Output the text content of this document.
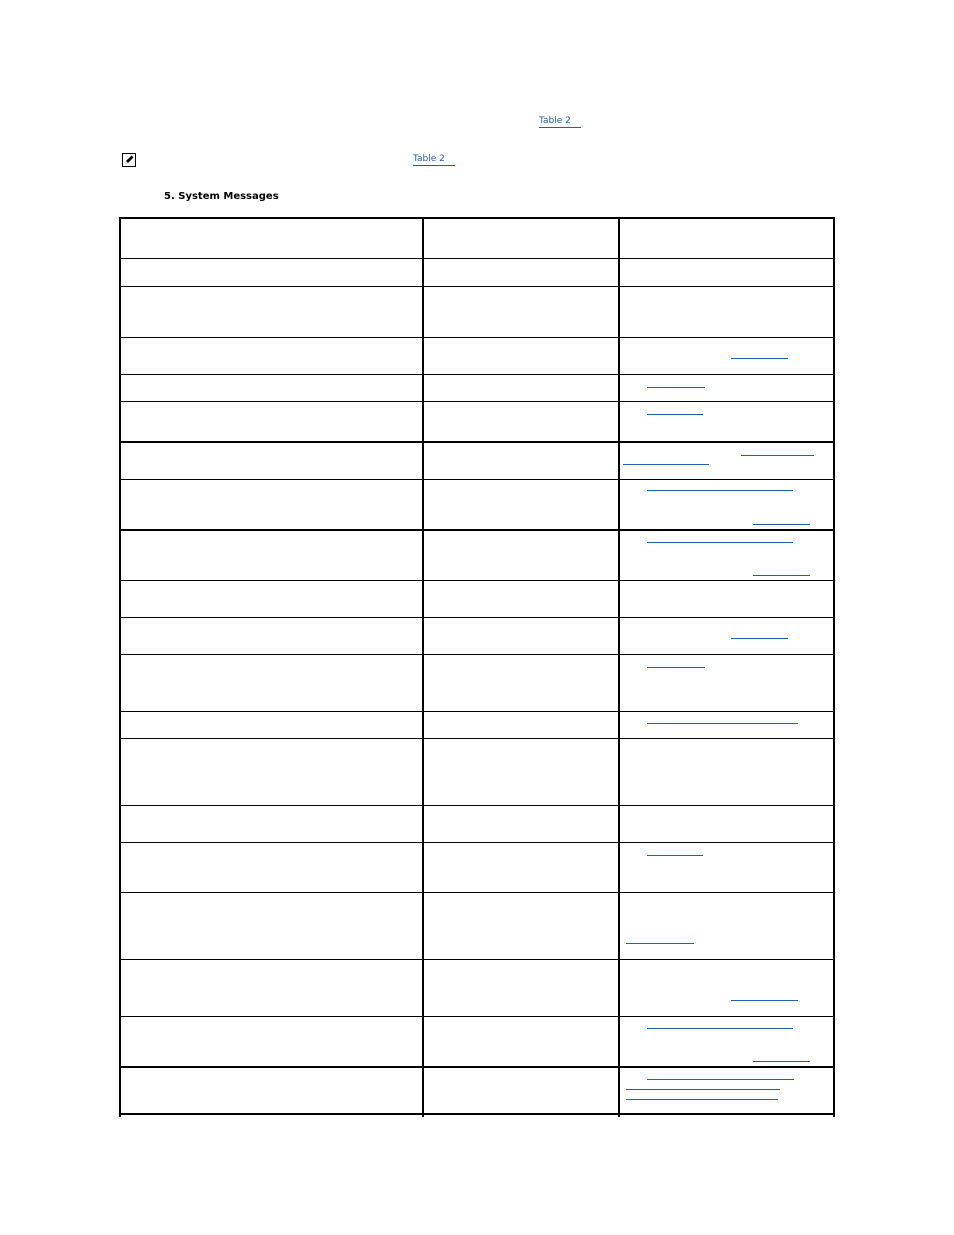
Table 2
Table 2

5. System Messages
